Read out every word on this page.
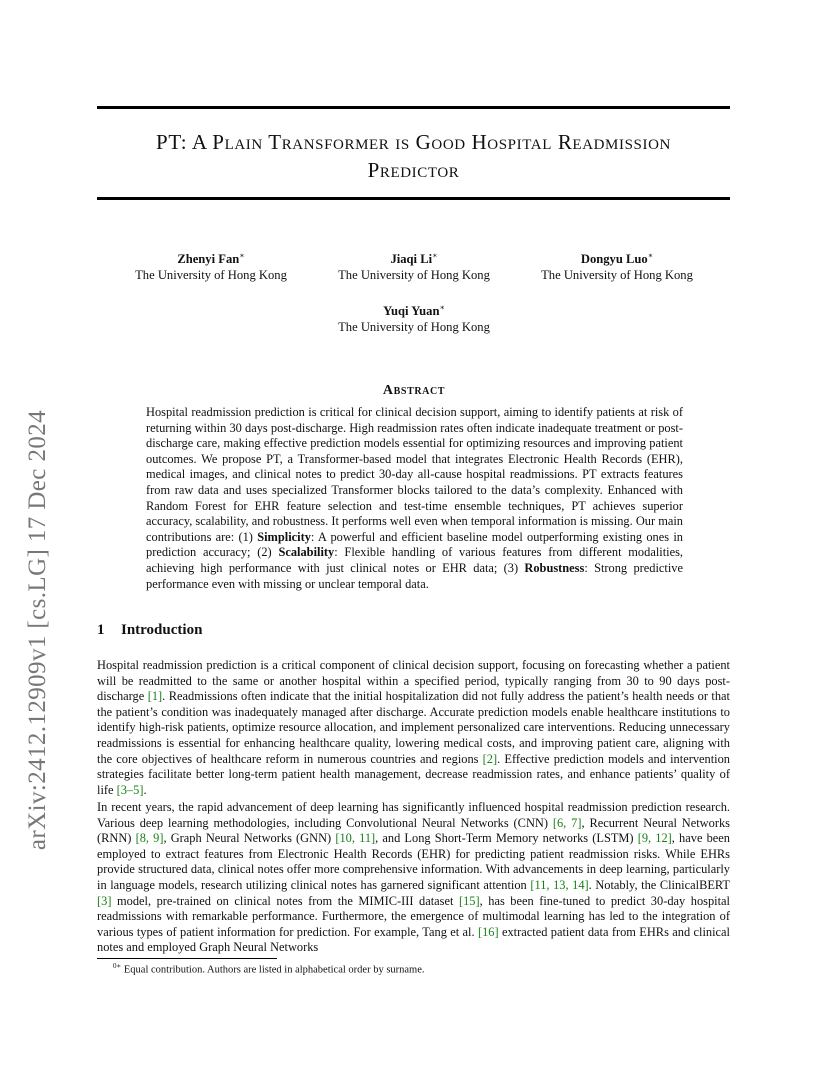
arXiv:2412.12909v1 [cs.LG] 17 Dec 2024
PT: A Plain Transformer is Good Hospital Readmission
Predictor
Zhenyi Fan∗
The University of Hong Kong
Jiaqi Li∗
The University of Hong Kong
Dongyu Luo∗
The University of Hong Kong
Yuqi Yuan∗
The University of Hong Kong
Abstract

Hospital readmission prediction is critical for clinical decision support, aiming to identify patients at risk of returning within 30 days post-discharge. High readmission rates often indicate inadequate treatment or post-discharge care, making effective prediction models essential for optimizing resources and improving patient outcomes. We propose PT, a Transformer-based model that integrates Electronic Health Records (EHR), medical images, and clinical notes to predict 30-day all-cause hospital readmissions. PT extracts features from raw data and uses specialized Transformer blocks tailored to the data’s complexity. Enhanced with Random Forest for EHR feature selection and test-time ensemble techniques, PT achieves superior accuracy, scalability, and robustness. It performs well even when temporal information is missing. Our main contributions are: (1) Simplicity: A powerful and efficient baseline model outperforming existing ones in prediction accuracy; (2) Scalability: Flexible handling of various features from different modalities, achieving high performance with just clinical notes or EHR data; (3) Robustness: Strong predictive performance even with missing or unclear temporal data.

1 Introduction

Hospital readmission prediction is a critical component of clinical decision support, focusing on forecasting whether a patient will be readmitted to the same or another hospital within a specified period, typically ranging from 30 to 90 days post-discharge [1]. Readmissions often indicate that the initial hospitalization did not fully address the patient’s health needs or that the patient’s condition was inadequately managed after discharge. Accurate prediction models enable healthcare institutions to identify high-risk patients, optimize resource allocation, and implement personalized care interventions. Reducing unnecessary readmissions is essential for enhancing healthcare quality, lowering medical costs, and improving patient care, aligning with the core objectives of healthcare reform in numerous countries and regions [2]. Effective prediction models and intervention strategies facilitate better long-term patient health management, decrease readmission rates, and enhance patients’ quality of life [3–5].

In recent years, the rapid advancement of deep learning has significantly influenced hospital readmission prediction research. Various deep learning methodologies, including Convolutional Neural Networks (CNN) [6, 7], Recurrent Neural Networks (RNN) [8, 9], Graph Neural Networks (GNN) [10, 11], and Long Short-Term Memory networks (LSTM) [9, 12], have been employed to extract features from Electronic Health Records (EHR) for predicting patient readmission risks. While EHRs provide structured data, clinical notes offer more comprehensive information. With advancements in deep learning, particularly in language models, research utilizing clinical notes has garnered significant attention [11, 13, 14]. Notably, the ClinicalBERT [3] model, pre-trained on clinical notes from the MIMIC-III dataset [15], has been fine-tuned to predict 30-day hospital readmissions with remarkable performance. Furthermore, the emergence of multimodal learning has led to the integration of various types of patient information for prediction. For example, Tang et al. [16] extracted patient data from EHRs and clinical notes and employed Graph Neural Networks

$^{0∗}$ Equal contribution. Authors are listed in alphabetical order by surname.
